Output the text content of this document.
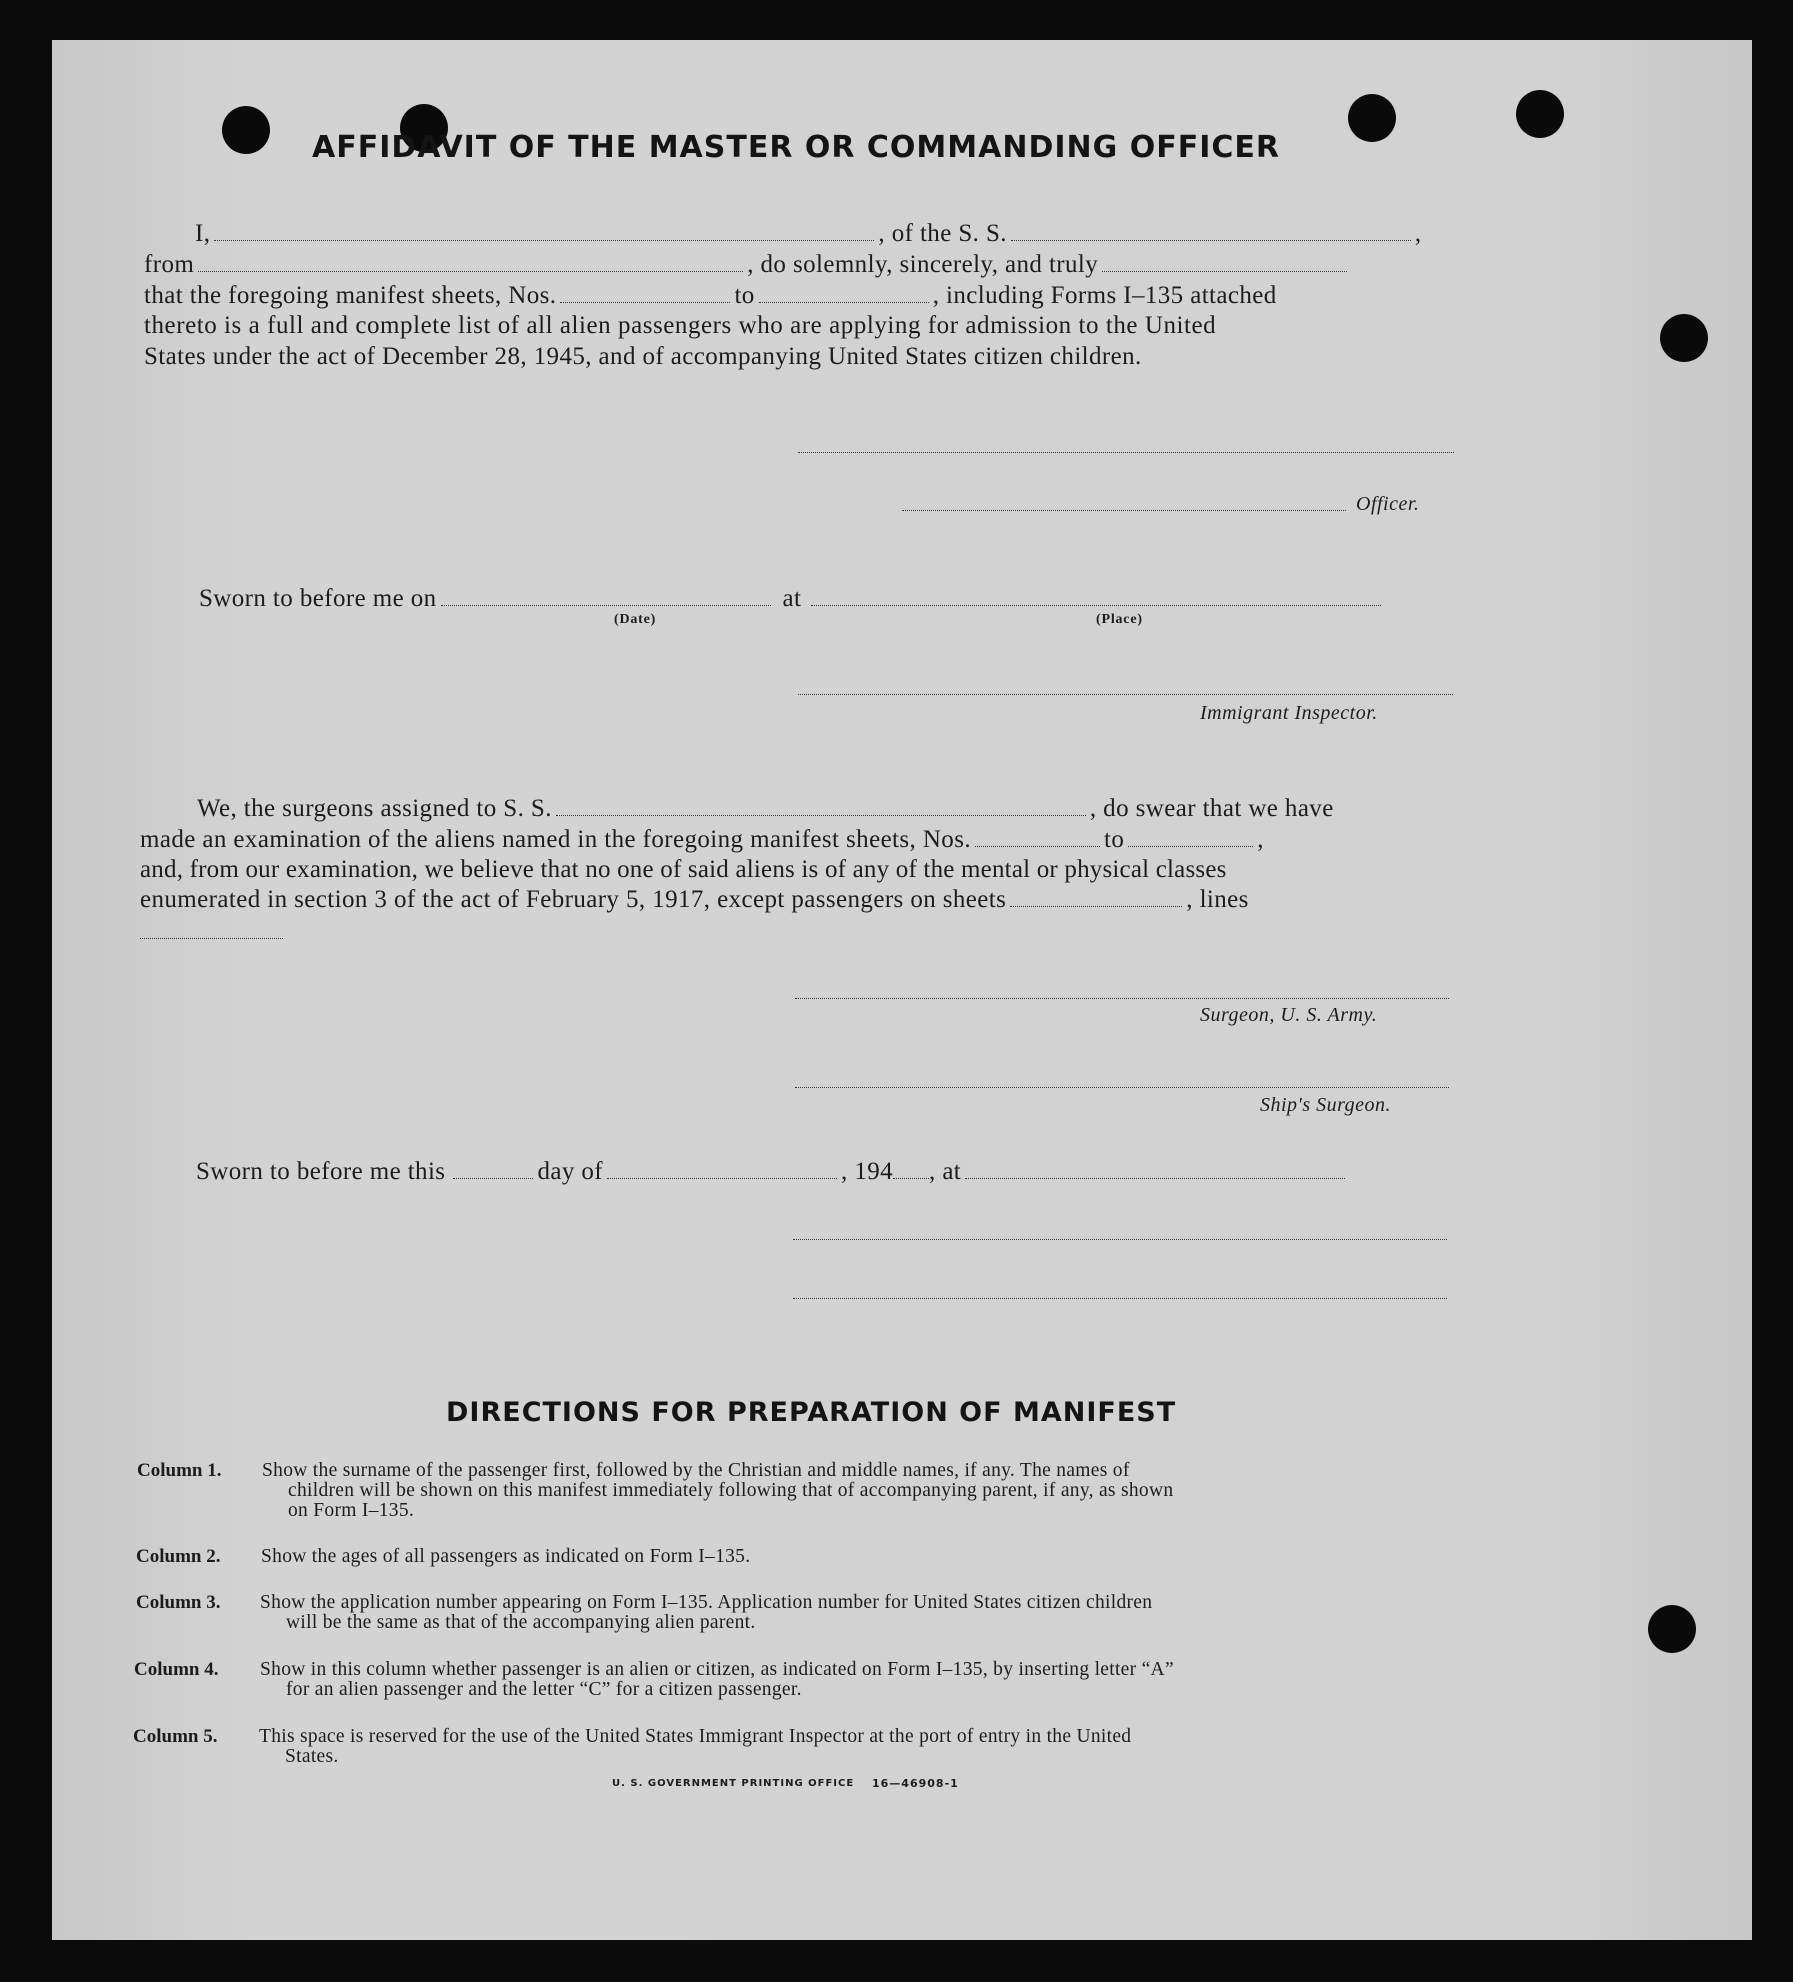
AFFIDAVIT OF THE MASTER OR COMMANDING OFFICER
I,	, of the S. S.	,
from	, do solemnly, sincerely, and truly
that the foregoing manifest sheets, Nos.	to	, including Forms I–135 attached
thereto is a full and complete list of all alien passengers who are applying for admission to the United
States under the act of December 28, 1945, and of accompanying United States citizen children.
Officer.
Sworn to before me on	at
(Date)	(Place)
Immigrant Inspector.
We, the surgeons assigned to S. S.	, do swear that we have
made an examination of the aliens named in the foregoing manifest sheets, Nos.	to	,
and, from our examination, we believe that no one of said aliens is of any of the mental or physical classes
enumerated in section 3 of the act of February 5, 1917, except passengers on sheets	, lines
Surgeon, U. S. Army.
Ship's Surgeon.
Sworn to before me this	day of	, 194 , at
DIRECTIONS FOR PREPARATION OF MANIFEST
Column 1. Show the surname of the passenger first, followed by the Christian and middle names, if any. The names of
children will be shown on this manifest immediately following that of accompanying parent, if any, as shown
on Form I–135.
Column 2. Show the ages of all passengers as indicated on Form I–135.
Column 3. Show the application number appearing on Form I–135. Application number for United States citizen children
will be the same as that of the accompanying alien parent.
Column 4. Show in this column whether passenger is an alien or citizen, as indicated on Form I–135, by inserting letter “A”
for an alien passenger and the letter “C” for a citizen passenger.
Column 5. This space is reserved for the use of the United States Immigrant Inspector at the port of entry in the United
States.
U. S. GOVERNMENT PRINTING OFFICE 16—46908-1
